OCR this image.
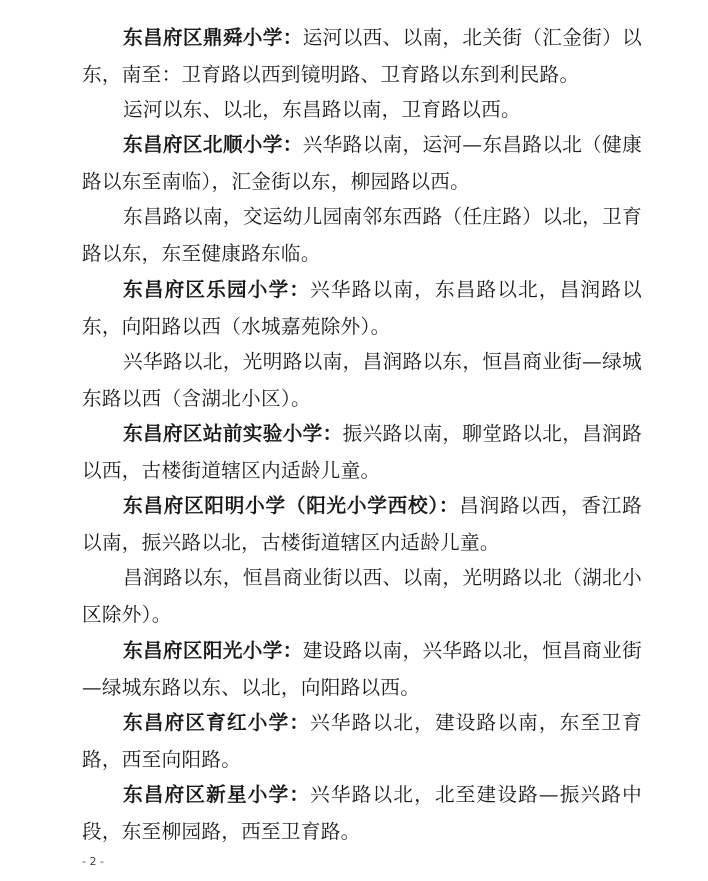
东昌府区鼎舜小学：运河以西、以南，北关街（汇金街）以东，南至：卫育路以西到镜明路、卫育路以东到利民路。

运河以东、以北，东昌路以南，卫育路以西。

东昌府区北顺小学：兴华路以南，运河—东昌路以北（健康路以东至南临），汇金街以东，柳园路以西。

东昌路以南，交运幼儿园南邻东西路（任庄路）以北，卫育路以东，东至健康路东临。

东昌府区乐园小学：兴华路以南，东昌路以北，昌润路以东，向阳路以西（水城嘉苑除外）。

兴华路以北，光明路以南，昌润路以东，恒昌商业街—绿城东路以西（含湖北小区）。

东昌府区站前实验小学：振兴路以南，聊堂路以北，昌润路以西，古楼街道辖区内适龄儿童。

东昌府区阳明小学（阳光小学西校）：昌润路以西，香江路以南，振兴路以北，古楼街道辖区内适龄儿童。

昌润路以东，恒昌商业街以西、以南，光明路以北（湖北小区除外）。

东昌府区阳光小学：建设路以南，兴华路以北，恒昌商业街—绿城东路以东、以北，向阳路以西。

东昌府区育红小学：兴华路以北，建设路以南，东至卫育路，西至向阳路。

东昌府区新星小学：兴华路以北，北至建设路—振兴路中段，东至柳园路，西至卫育路。

- 2 -
